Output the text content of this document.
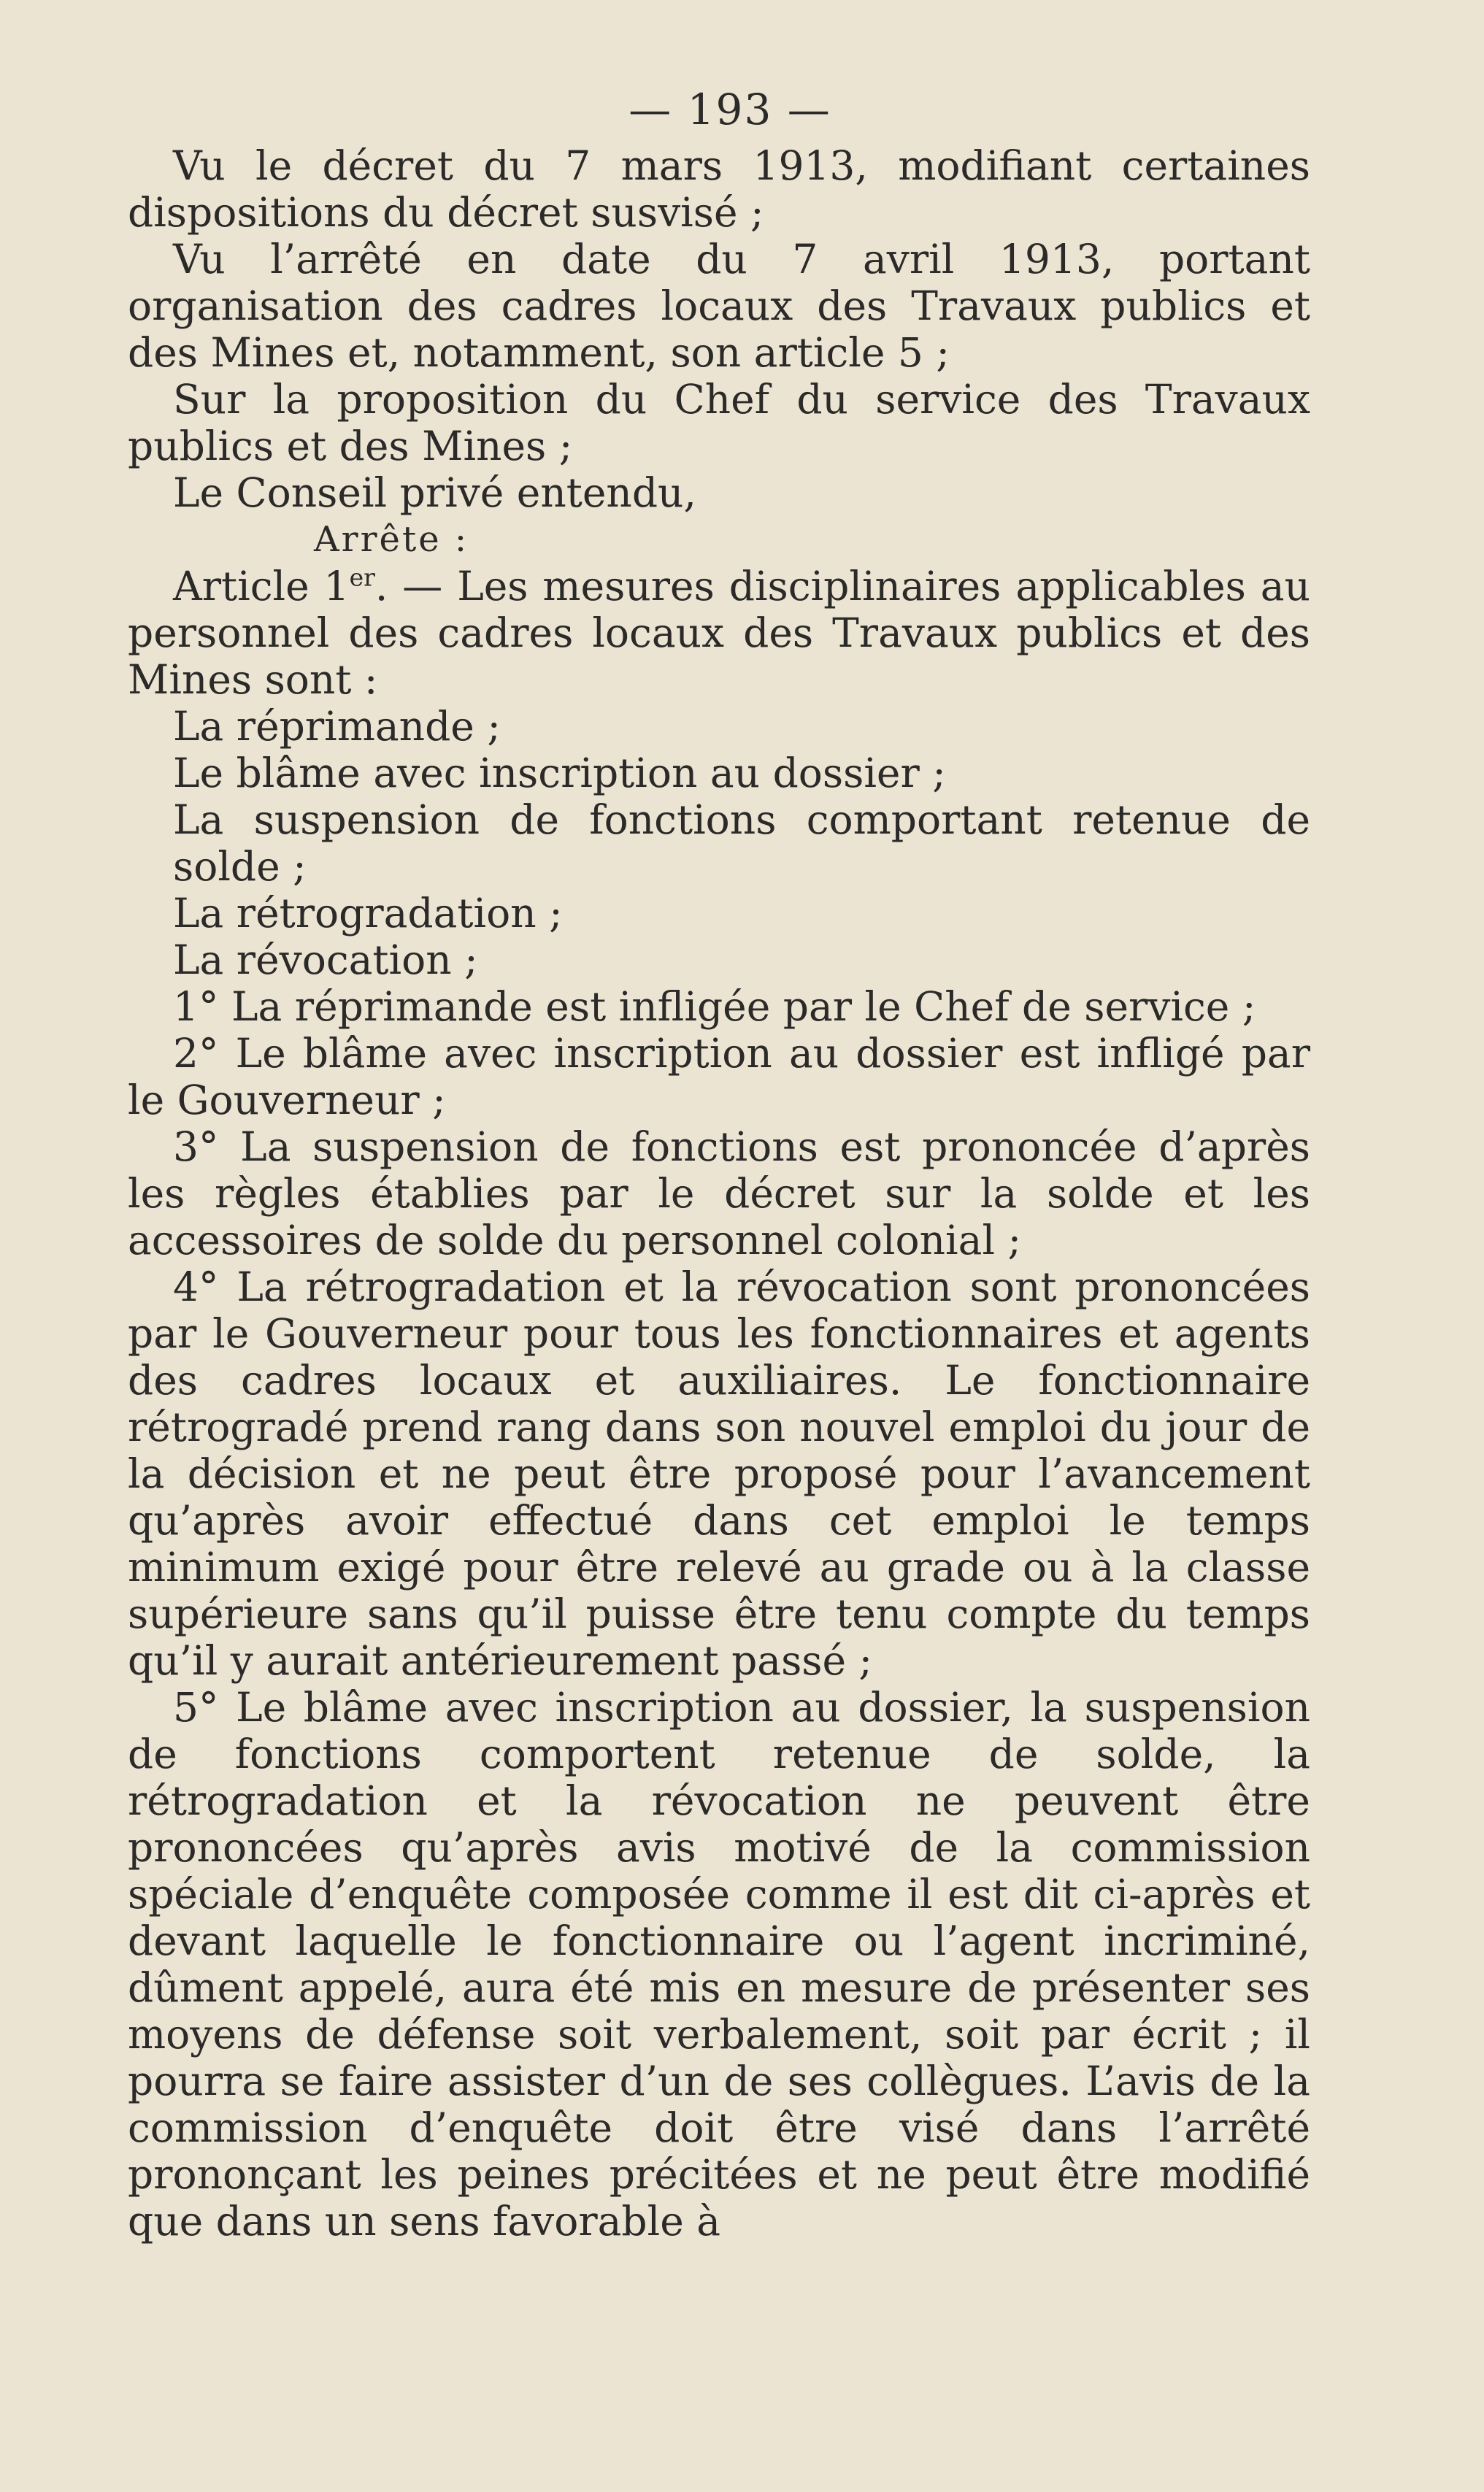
— 193 —

Vu le décret du 7 mars 1913, modifiant certaines dispositions du décret susvisé ;

Vu l’arrêté en date du 7 avril 1913, portant organisation des cadres locaux des Travaux publics et des Mines et, notamment, son article 5 ;

Sur la proposition du Chef du service des Travaux publics et des Mines ;

Le Conseil privé entendu,

Arrête :

Article 1er. — Les mesures disciplinaires applicables au personnel des cadres locaux des Travaux publics et des Mines sont :

La réprimande ;

Le blâme avec inscription au dossier ;

La suspension de fonctions comportant retenue de solde ;

La rétrogradation ;

La révocation ;

1° La réprimande est infligée par le Chef de service ;

2° Le blâme avec inscription au dossier est infligé par le Gouverneur ;

3° La suspension de fonctions est prononcée d’après les règles établies par le décret sur la solde et les accessoires de solde du personnel colonial ;

4° La rétrogradation et la révocation sont prononcées par le Gouverneur pour tous les fonctionnaires et agents des cadres locaux et auxiliaires. Le fonctionnaire rétrogradé prend rang dans son nouvel emploi du jour de la décision et ne peut être proposé pour l’avancement qu’après avoir effectué dans cet emploi le temps minimum exigé pour être relevé au grade ou à la classe supérieure sans qu’il puisse être tenu compte du temps qu’il y aurait antérieurement passé ;

5° Le blâme avec inscription au dossier, la suspension de fonctions comportent retenue de solde, la rétrogradation et la révocation ne peuvent être prononcées qu’après avis motivé de la commission spéciale d’enquête composée comme il est dit ci-après et devant laquelle le fonctionnaire ou l’agent incriminé, dûment appelé, aura été mis en mesure de présenter ses moyens de défense soit verbalement, soit par écrit ; il pourra se faire assister d’un de ses collègues. L’avis de la commission d’enquête doit être visé dans l’arrêté prononçant les peines précitées et ne peut être modifié que dans un sens favorable à
